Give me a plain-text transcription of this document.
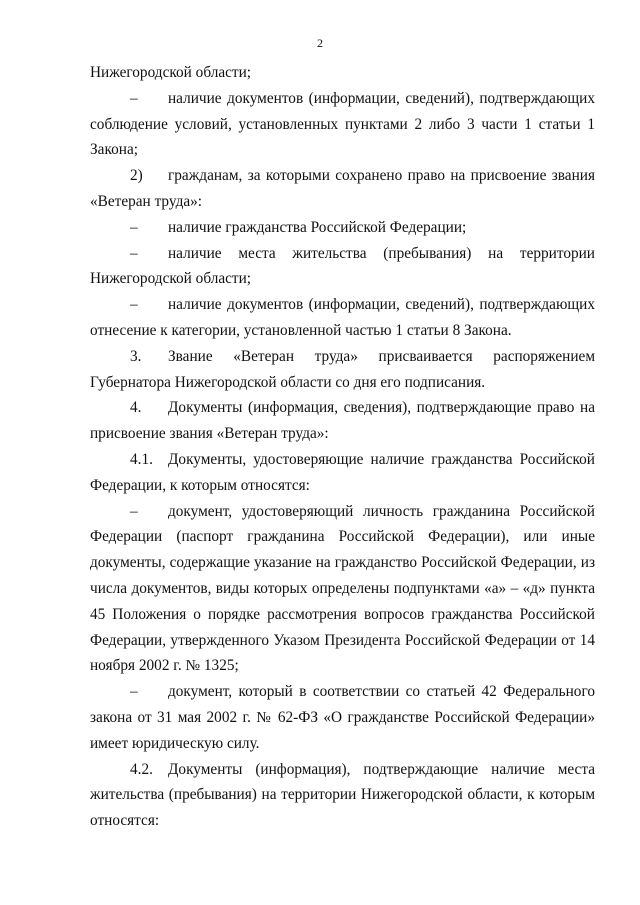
2

Нижегородской области;

– наличие документов (информации, сведений), подтверждающих соблюдение условий, установленных пунктами 2 либо 3 части 1 статьи 1 Закона;

2) гражданам, за которыми сохранено право на присвоение звания «Ветеран труда»:

– наличие гражданства Российской Федерации;

– наличие места жительства (пребывания) на территории Нижегородской области;

– наличие документов (информации, сведений), подтверждающих отнесение к категории, установленной частью 1 статьи 8 Закона.

3. Звание «Ветеран труда» присваивается распоряжением Губернатора Нижегородской области со дня его подписания.

4. Документы (информация, сведения), подтверждающие право на присвоение звания «Ветеран труда»:

4.1. Документы, удостоверяющие наличие гражданства Российской Федерации, к которым относятся:

– документ, удостоверяющий личность гражданина Российской Федерации (паспорт гражданина Российской Федерации), или иные документы, содержащие указание на гражданство Российской Федерации, из числа документов, виды которых определены подпунктами «а» – «д» пункта 45 Положения о порядке рассмотрения вопросов гражданства Российской Федерации, утвержденного Указом Президента Российской Федерации от 14 ноября 2002 г. № 1325;

– документ, который в соответствии со статьей 42 Федерального закона от 31 мая 2002 г. № 62-ФЗ «О гражданстве Российской Федерации» имеет юридическую силу.

4.2. Документы (информация), подтверждающие наличие места жительства (пребывания) на территории Нижегородской области, к которым относятся:
